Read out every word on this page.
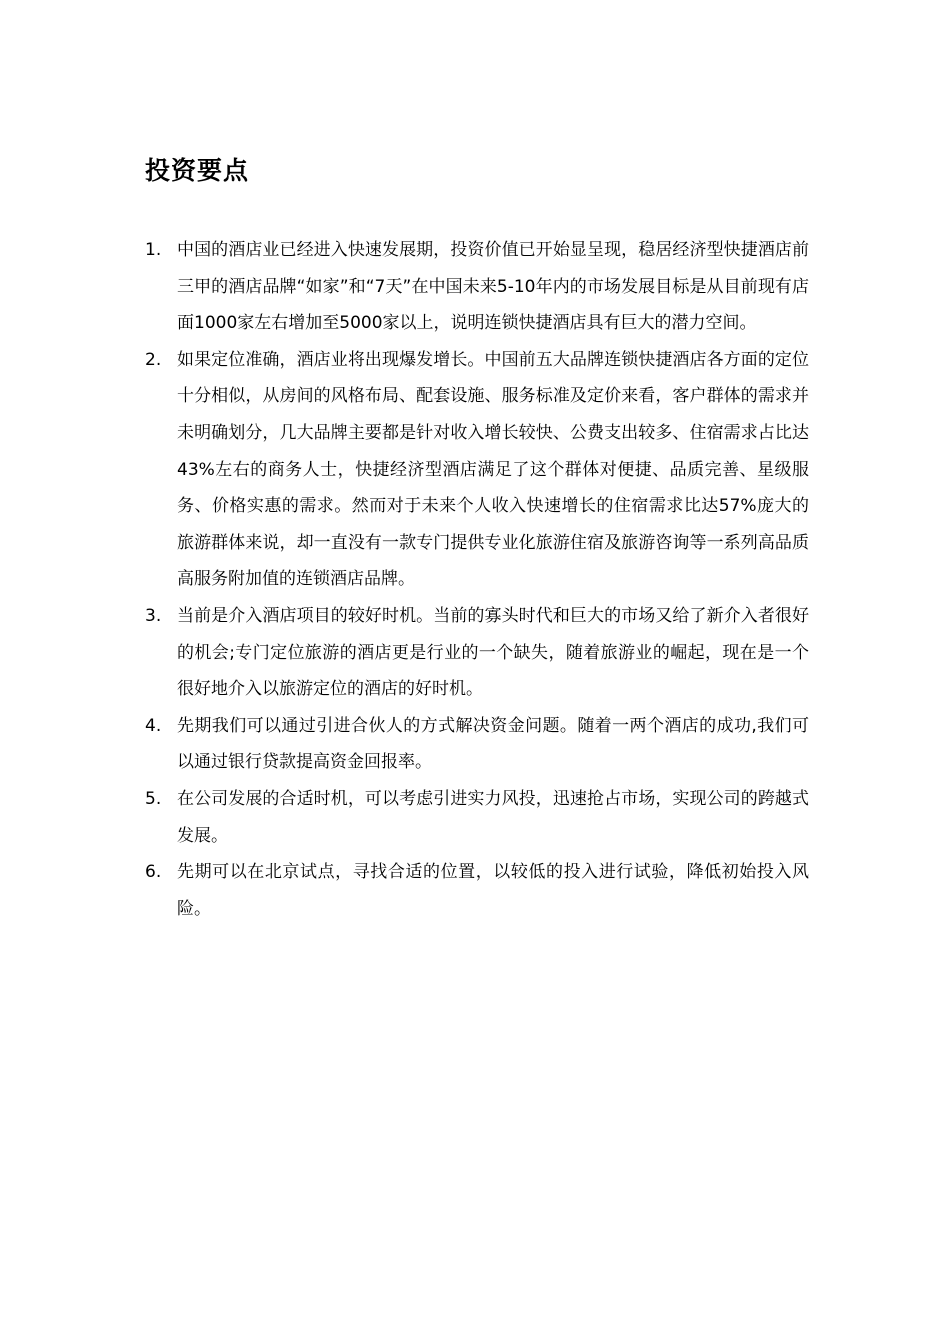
投资要点
1. 中国的酒店业已经进入快速发展期，投资价值已开始显呈现，稳居经济型快捷酒店前三甲的酒店品牌“如家”和“7天”在中国未来5-10年内的市场发展目标是从目前现有店面1000家左右增加至5000家以上，说明连锁快捷酒店具有巨大的潜力空间。
2. 如果定位准确，酒店业将出现爆发增长。中国前五大品牌连锁快捷酒店各方面的定位十分相似，从房间的风格布局、配套设施、服务标准及定价来看，客户群体的需求并未明确划分，几大品牌主要都是针对收入增长较快、公费支出较多、住宿需求占比达43%左右的商务人士，快捷经济型酒店满足了这个群体对便捷、品质完善、星级服务、价格实惠的需求。然而对于未来个人收入快速增长的住宿需求比达57%庞大的旅游群体来说，却一直没有一款专门提供专业化旅游住宿及旅游咨询等一系列高品质高服务附加值的连锁酒店品牌。
3. 当前是介入酒店项目的较好时机。当前的寡头时代和巨大的市场又给了新介入者很好的机会;专门定位旅游的酒店更是行业的一个缺失，随着旅游业的崛起，现在是一个很好地介入以旅游定位的酒店的好时机。
4. 先期我们可以通过引进合伙人的方式解决资金问题。随着一两个酒店的成功,我们可以通过银行贷款提高资金回报率。
5. 在公司发展的合适时机，可以考虑引进实力风投，迅速抢占市场，实现公司的跨越式发展。
6. 先期可以在北京试点，寻找合适的位置，以较低的投入进行试验，降低初始投入风险。
